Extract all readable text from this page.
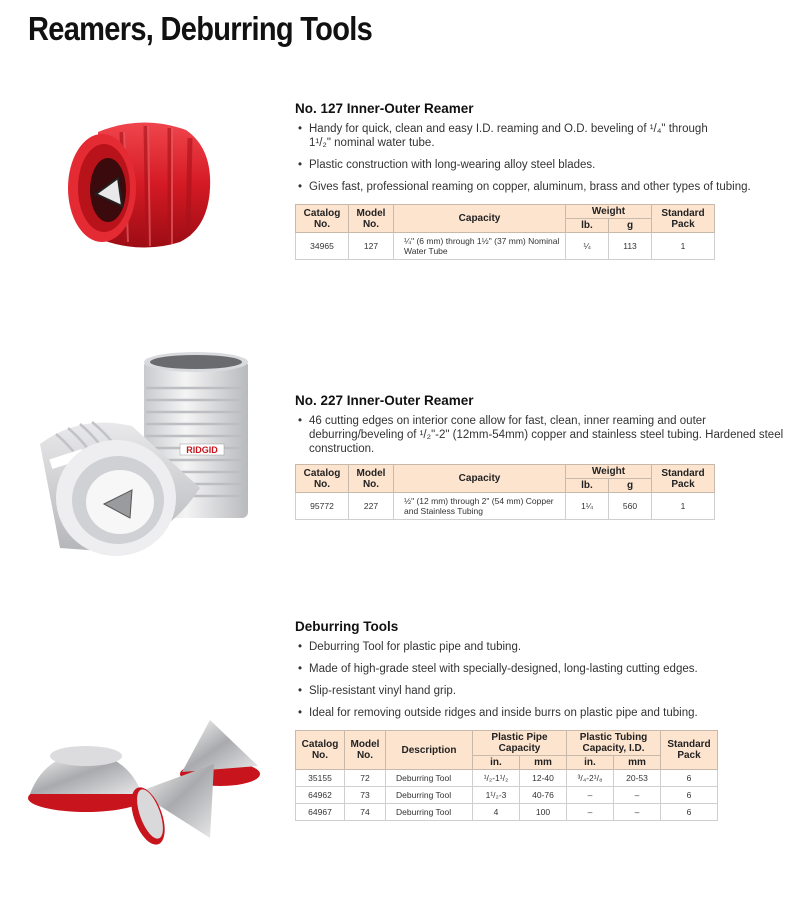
Reamers, Deburring Tools
RIDGID
No. 127 Inner-Outer Reamer
• Handy for quick, clean and easy I.D. reaming and O.D. beveling of ¹/₄" through 1¹/₂" nominal water tube.
• Plastic construction with long-wearing alloy steel blades.
• Gives fast, professional reaming on copper, aluminum, brass and other types of tubing.
Catalog No.	Model No.	Capacity	Weight		Standard Pack
			lb.	g	
34965	127	¼" (6 mm) through 1½" (37 mm) Nominal Water Tube	¼	113	1
No. 227 Inner-Outer Reamer
• 46 cutting edges on interior cone allow for fast, clean, inner reaming and outer deburring/beveling of ¹/₂"-2" (12mm-54mm) copper and stainless steel tubing. Hardened steel construction.
Catalog No.	Model No.	Capacity	Weight		Standard Pack
			lb.	g	
95772	227	½" (12 mm) through 2" (54 mm) Copper and Stainless Tubing	1¼	560	1
Deburring Tools
• Deburring Tool for plastic pipe and tubing.
• Made of high-grade steel with specially-designed, long-lasting cutting edges.
• Slip-resistant vinyl hand grip.
• Ideal for removing outside ridges and inside burrs on plastic pipe and tubing.
Catalog No.	Model No.	Description	Plastic Pipe Capacity		Plastic Tubing Capacity, I.D.		Standard Pack
			in.	mm	in.	mm	
35155	72	Deburring Tool	¹/₂-1¹/₂	12-40	³/₄-2¹/₈	20-53	6
64962	73	Deburring Tool	1¹/₂-3	40-76	–	–	6
64967	74	Deburring Tool	4	100	–	–	6
